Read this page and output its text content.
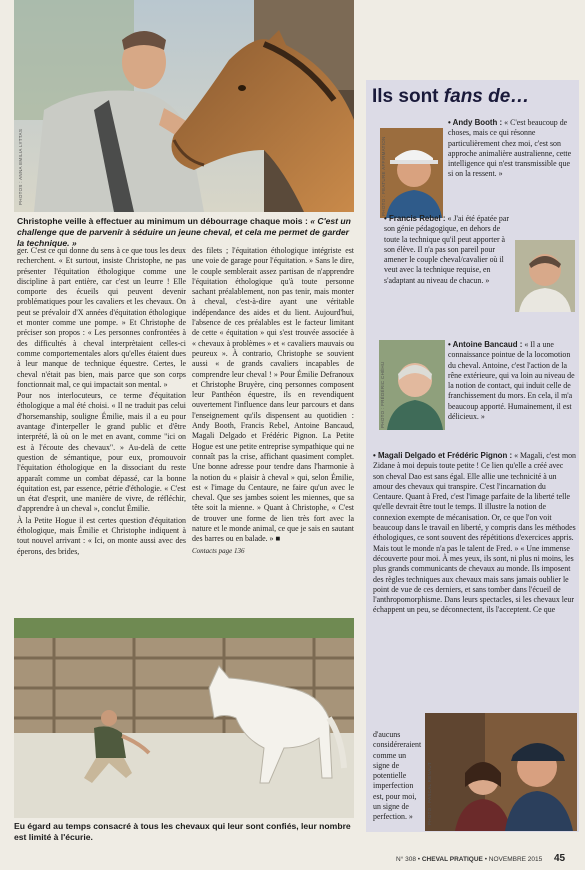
PHOTOS : ANNA EMILIA LYTTAS
Christophe veille à effectuer au minimum un débourrage chaque mois : « C'est un challenge que de parvenir à séduire un jeune cheval, et cela me permet de garder la technique. »

ger. C'est ce qui donne du sens à ce que tous les deux recherchent. « Et surtout, insiste Christophe, ne pas présenter l'équitation éthologique comme une discipline à part entière, car c'est un leurre ! Elle comporte des écueils qui peuvent devenir problématiques pour les cavaliers et les chevaux. On peut se prévaloir d'X années d'équitation éthologique et monter comme une pompe. » Et Christophe de préciser son propos : « Les personnes confrontées à des difficultés à cheval interprètaient celles-ci comme comportementales alors qu'elles étaient dues à leur manque de technique équestre. Certes, le cheval n'était pas bien, mais parce que son corps fonctionnait mal, ce qui impactait son mental. »

Pour nos interlocuteurs, ce terme d'équitation éthologique a mal été choisi. « Il ne traduit pas celui d'horsemanship, souligne Émilie, mais il a eu pour avantage d'interpeller le grand public et d'être interprété, là où on le met en avant, comme "ici on est à l'écoute des chevaux". » Au-delà de cette question de sémantique, pour eux, promouvoir l'équitation éthologique en la dissociant du reste apparaît comme un combat dépassé, car la bonne équitation est, par essence, pétrie d'éthologie. « C'est un état d'esprit, une manière de vivre, de réfléchir, d'apprendre à un cheval », conclut Émilie.

À la Petite Hogue il est certes question d'équitation éthologique, mais Émilie et Christophe indiquent à tout nouvel arrivant : « Ici, on monte aussi avec des éperons, des brides,

des filets ; l'équitation éthologique intégriste est une voie de garage pour l'équitation. » Sans le dire, le couple semblerait assez partisan de n'apprendre l'équitation éthologique qu'à toute personne sachant préalablement, non pas tenir, mais monter à cheval, c'est-à-dire ayant une véritable indépendance des aides et du lient. Aujourd'hui, l'absence de ces préalables est le facteur limitant de cette « équitation » qui s'est trouvée associée à « chevaux à problèmes » et « cavaliers mauvais ou peureux ». À contrario, Christophe se souvient aussi « de grands cavaliers incapables de comprendre leur cheval ! » Pour Émilie Defranoux et Christophe Bruyère, cinq personnes composent leur Panthéon équestre, ils en revendiquent ouvertement l'influence dans leur parcours et dans l'enseignement qu'ils dispensent au quotidien : Andy Booth, Francis Rebel, Antoine Bancaud, Magali Delgado et Frédéric Pignon. La Petite Hogue est une petite entreprise sympathique qui ne connaît pas la crise, affichant quasiment complet. Une bonne adresse pour tendre dans l'harmonie à la notion du « plaisir à cheval » qui, selon Émilie, est « l'image du Centaure, ne faire qu'un avec le cheval. Que ses jambes soient les miennes, que sa tête soit la mienne. » Quant à Christophe, « C'est de trouver une forme de lien très fort avec la nature et le monde animal, ce que je sais en sautant des barres ou en balade. » ■

Contacts page 136

Eu égard au temps consacré à tous les chevaux qui leur sont confiés, leur nombre est limité à l'écurie.
Ils sont fans de…
PHOTO : FEATURE AFFIRMATION
• Andy Booth : « C'est beaucoup de choses, mais ce qui résonne particulièrement chez moi, c'est son approche animalière australienne, cette intelligence qui n'est transmissible que si on la ressent. »
PHOTO : FRÉDÉRIC CHÉHU
PHOTO : PASCAL RENAUT
• Francis Rebel : « J'ai été épatée par son génie pédagogique, en dehors de toute la technique qu'il peut apporter à son élève. Il n'a pas son pareil pour amener le couple cheval/cavalier où il veut avec la technique requise, en s'adaptant au niveau de chacun. »
• Magali Delgado et Frédéric Pignon : « Magali, c'est mon Zidane à moi depuis toute petite ! Ce lien qu'elle a créé avec son cheval Dao est sans égal. Elle allie une technicité à un amour des chevaux qui transpire. C'est l'incarnation du Centaure. Quant à Fred, c'est l'image parfaite de la liberté telle qu'elle devrait être tout le temps. Il illustre la notion de connexion exempte de mécanisation. Or, ce que l'on voit beaucoup dans le travail en liberté, y compris dans les méthodes éthologiques, ce sont souvent des répétitions d'exercices appris. Mais tout le monde n'a pas le talent de Fred. » « Une immense découverte pour moi. À mes yeux, ils sont, ni plus ni moins, les plus grands communicants de chevaux au monde. Ils imposent des règles techniques aux chevaux mais sans jamais oublier le point de vue de ces derniers, et sans tomber dans l'écueil de l'anthropomorphisme. Dans leurs spectacles, si les chevaux leur échappent un peu, se déconnectent, ils l'acceptent. Ce que
• Antoine Bancaud : « Il a une connaissance pointue de la locomotion du cheval. Antoine, c'est l'action de la rêne extérieure, qui va loin au niveau de la notion de contact, qui induit celle de franchissement du mors. En cela, il m'a beaucoup apporté. Humainement, il est délicieux. »
d'aucuns considéreraient comme un signe de potentielle imperfection est, pour moi, un signe de perfection. »
N° 308 • CHEVAL PRATIQUE • NOVEMBRE 2015 45
